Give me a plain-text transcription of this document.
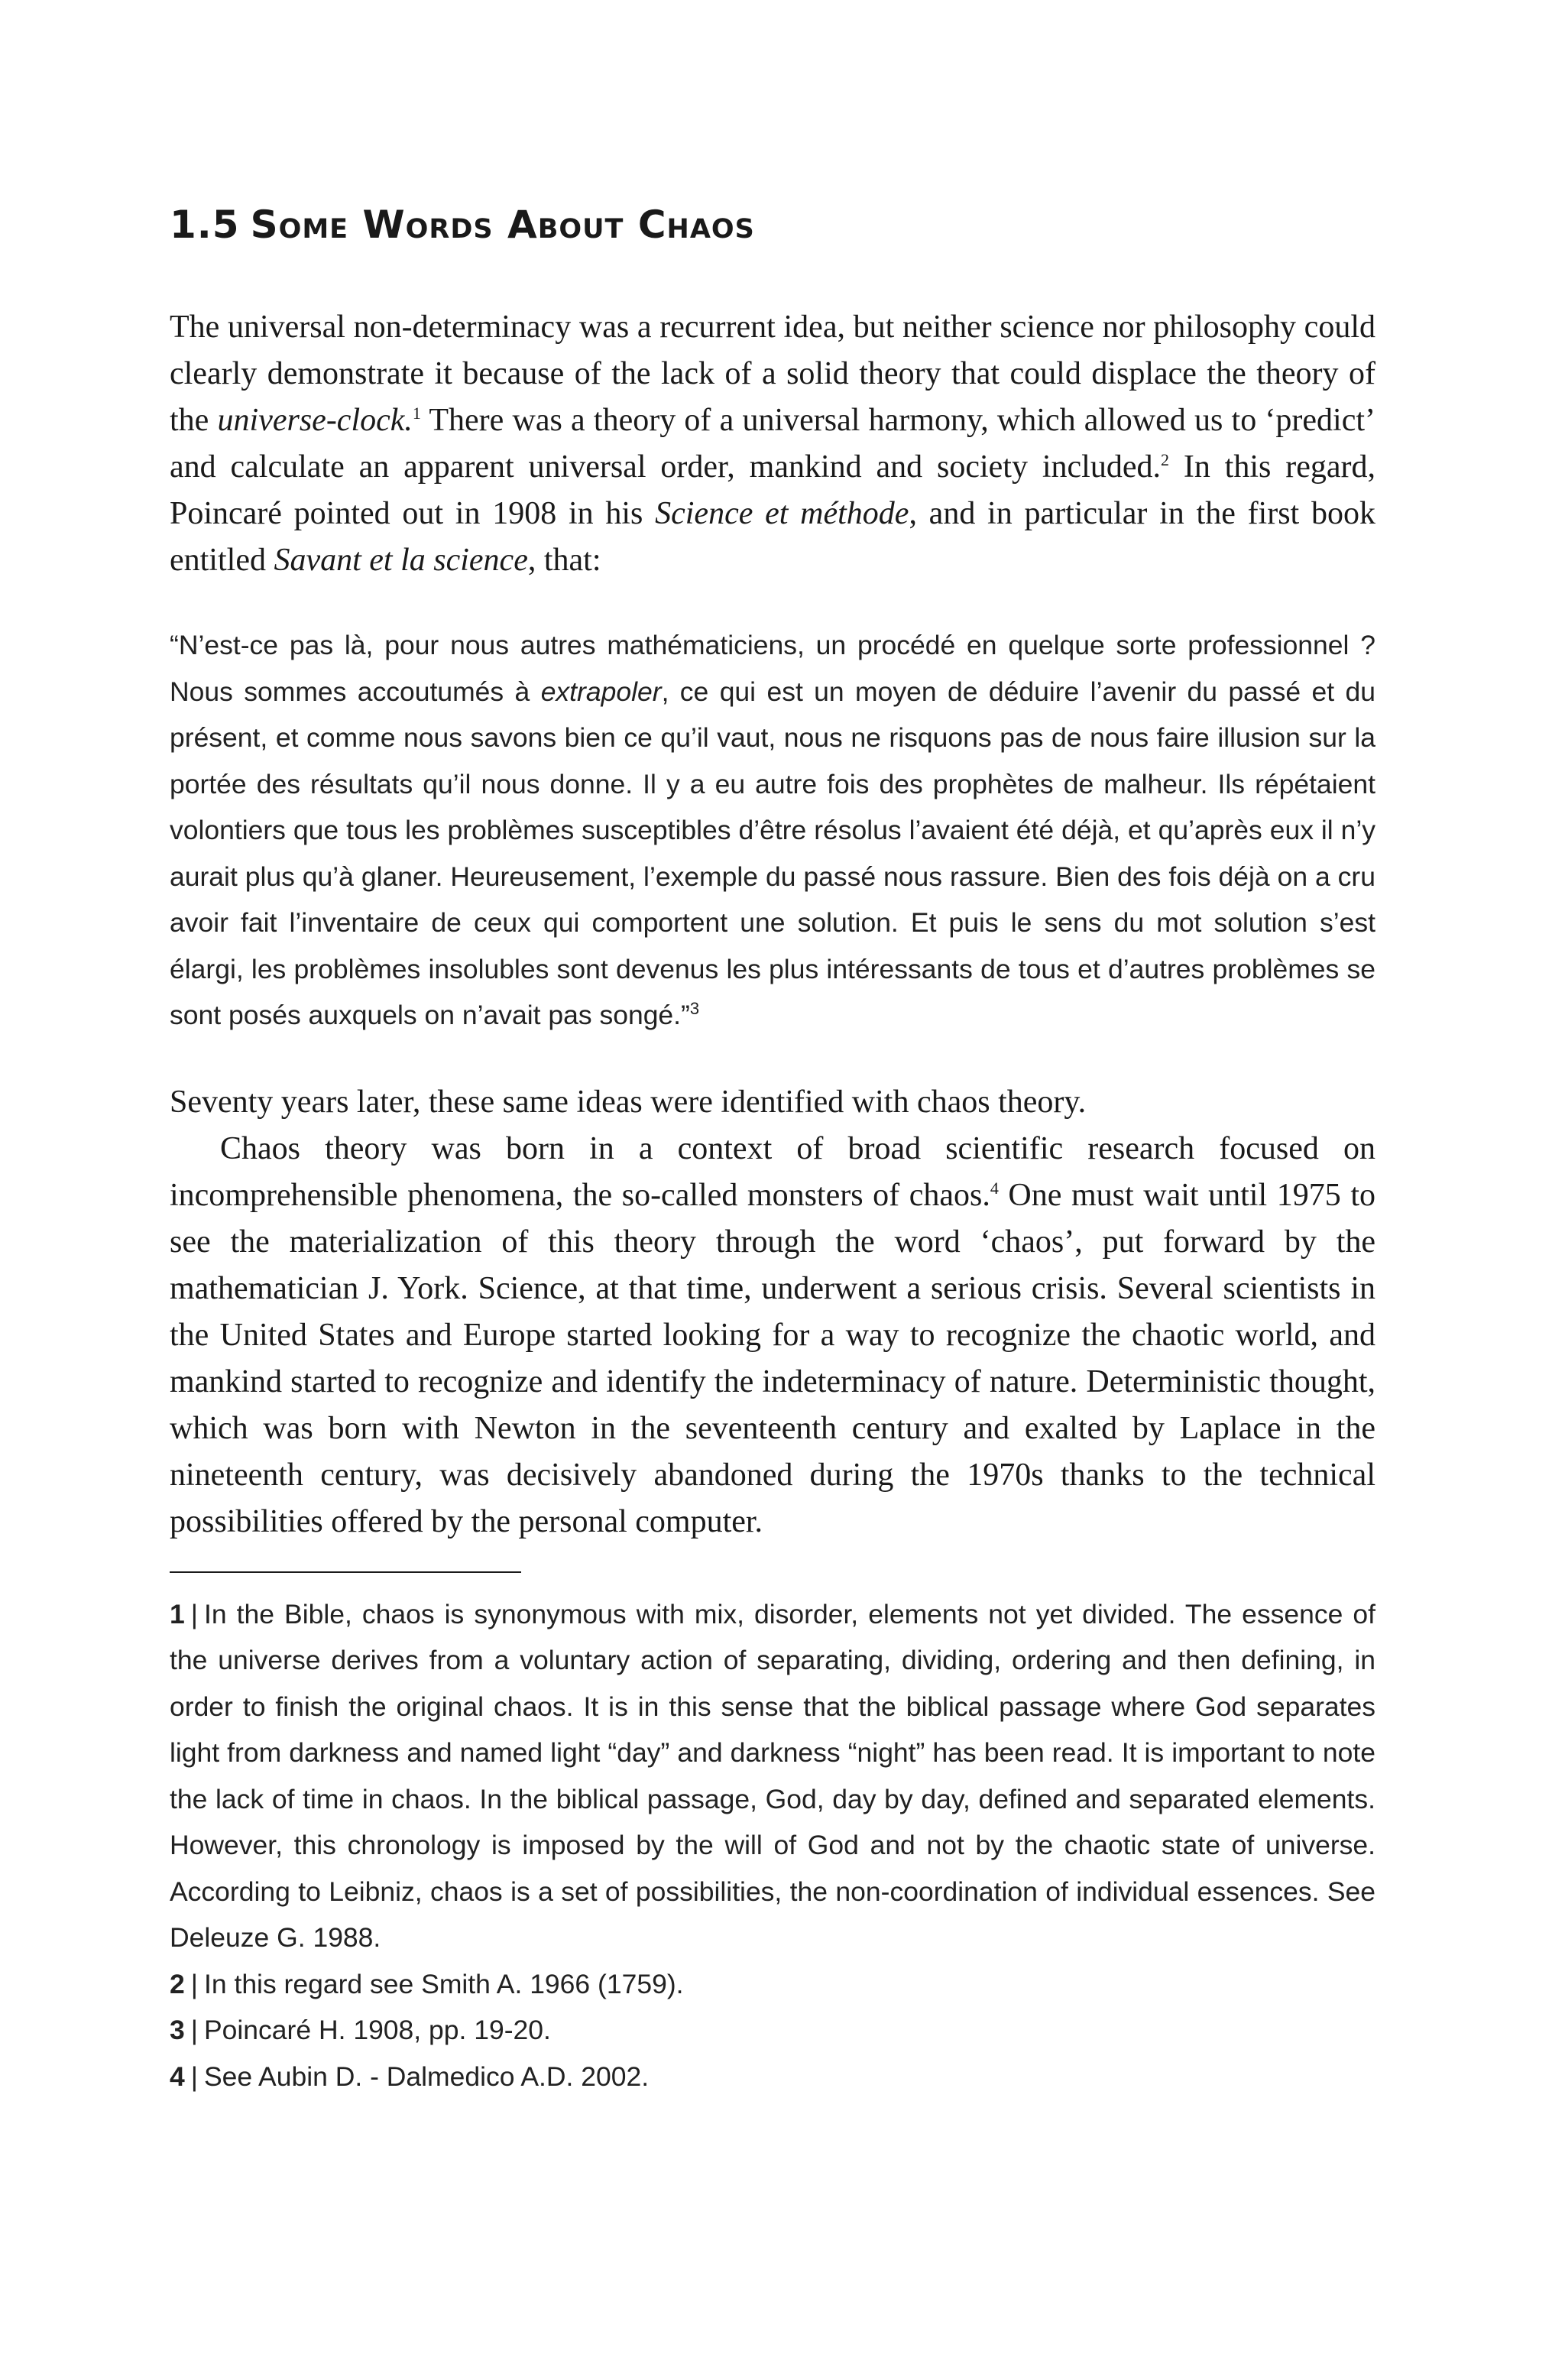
1.5 Some Words About Chaos

The universal non-determinacy was a recurrent idea, but neither science nor philosophy could clearly demonstrate it because of the lack of a solid theory that could displace the theory of the universe-clock.$^1$ There was a theory of a universal harmony, which allowed us to ‘predict’ and calculate an apparent universal order, mankind and society included.$^2$ In this regard, Poincaré pointed out in 1908 in his Science et méthode, and in particular in the first book entitled Savant et la science, that:

“N’est-ce pas là, pour nous autres mathématiciens, un procédé en quelque sorte professionnel ? Nous sommes accoutumés à extrapoler, ce qui est un moyen de déduire l’avenir du passé et du présent, et comme nous savons bien ce qu’il vaut, nous ne risquons pas de nous faire illusion sur la portée des résultats qu’il nous donne. Il y a eu autre fois des prophètes de malheur. Ils répétaient volontiers que tous les problèmes susceptibles d’être résolus l’avaient été déjà, et qu’après eux il n’y aurait plus qu’à glaner. Heureusement, l’exemple du passé nous rassure. Bien des fois déjà on a cru avoir fait l’inventaire de ceux qui comportent une solution. Et puis le sens du mot solution s’est élargi, les problèmes insolubles sont devenus les plus intéressants de tous et d’autres problèmes se sont posés auxquels on n’avait pas songé.”$^3$

Seventy years later, these same ideas were identified with chaos theory.

Chaos theory was born in a context of broad scientific research focused on incomprehensible phenomena, the so-called monsters of chaos.$^4$ One must wait until 1975 to see the materialization of this theory through the word ‘chaos’, put forward by the mathematician J. York. Science, at that time, underwent a serious crisis. Several scientists in the United States and Europe started looking for a way to recognize the chaotic world, and mankind started to recognize and identify the indeterminacy of nature. Deterministic thought, which was born with Newton in the seventeenth century and exalted by Laplace in the nineteenth century, was decisively abandoned during the 1970s thanks to the technical possibilities offered by the personal computer.

1 | In the Bible, chaos is synonymous with mix, disorder, elements not yet divided. The essence of the universe derives from a voluntary action of separating, dividing, ordering and then defining, in order to finish the original chaos. It is in this sense that the biblical passage where God separates light from darkness and named light “day” and darkness “night” has been read. It is important to note the lack of time in chaos. In the biblical passage, God, day by day, defined and separated elements. However, this chronology is imposed by the will of God and not by the chaotic state of universe. According to Leibniz, chaos is a set of possibilities, the non-coordination of individual essences. See Deleuze G. 1988.

2 | In this regard see Smith A. 1966 (1759).

3 | Poincaré H. 1908, pp. 19-20.

4 | See Aubin D. - Dalmedico A.D. 2002.
